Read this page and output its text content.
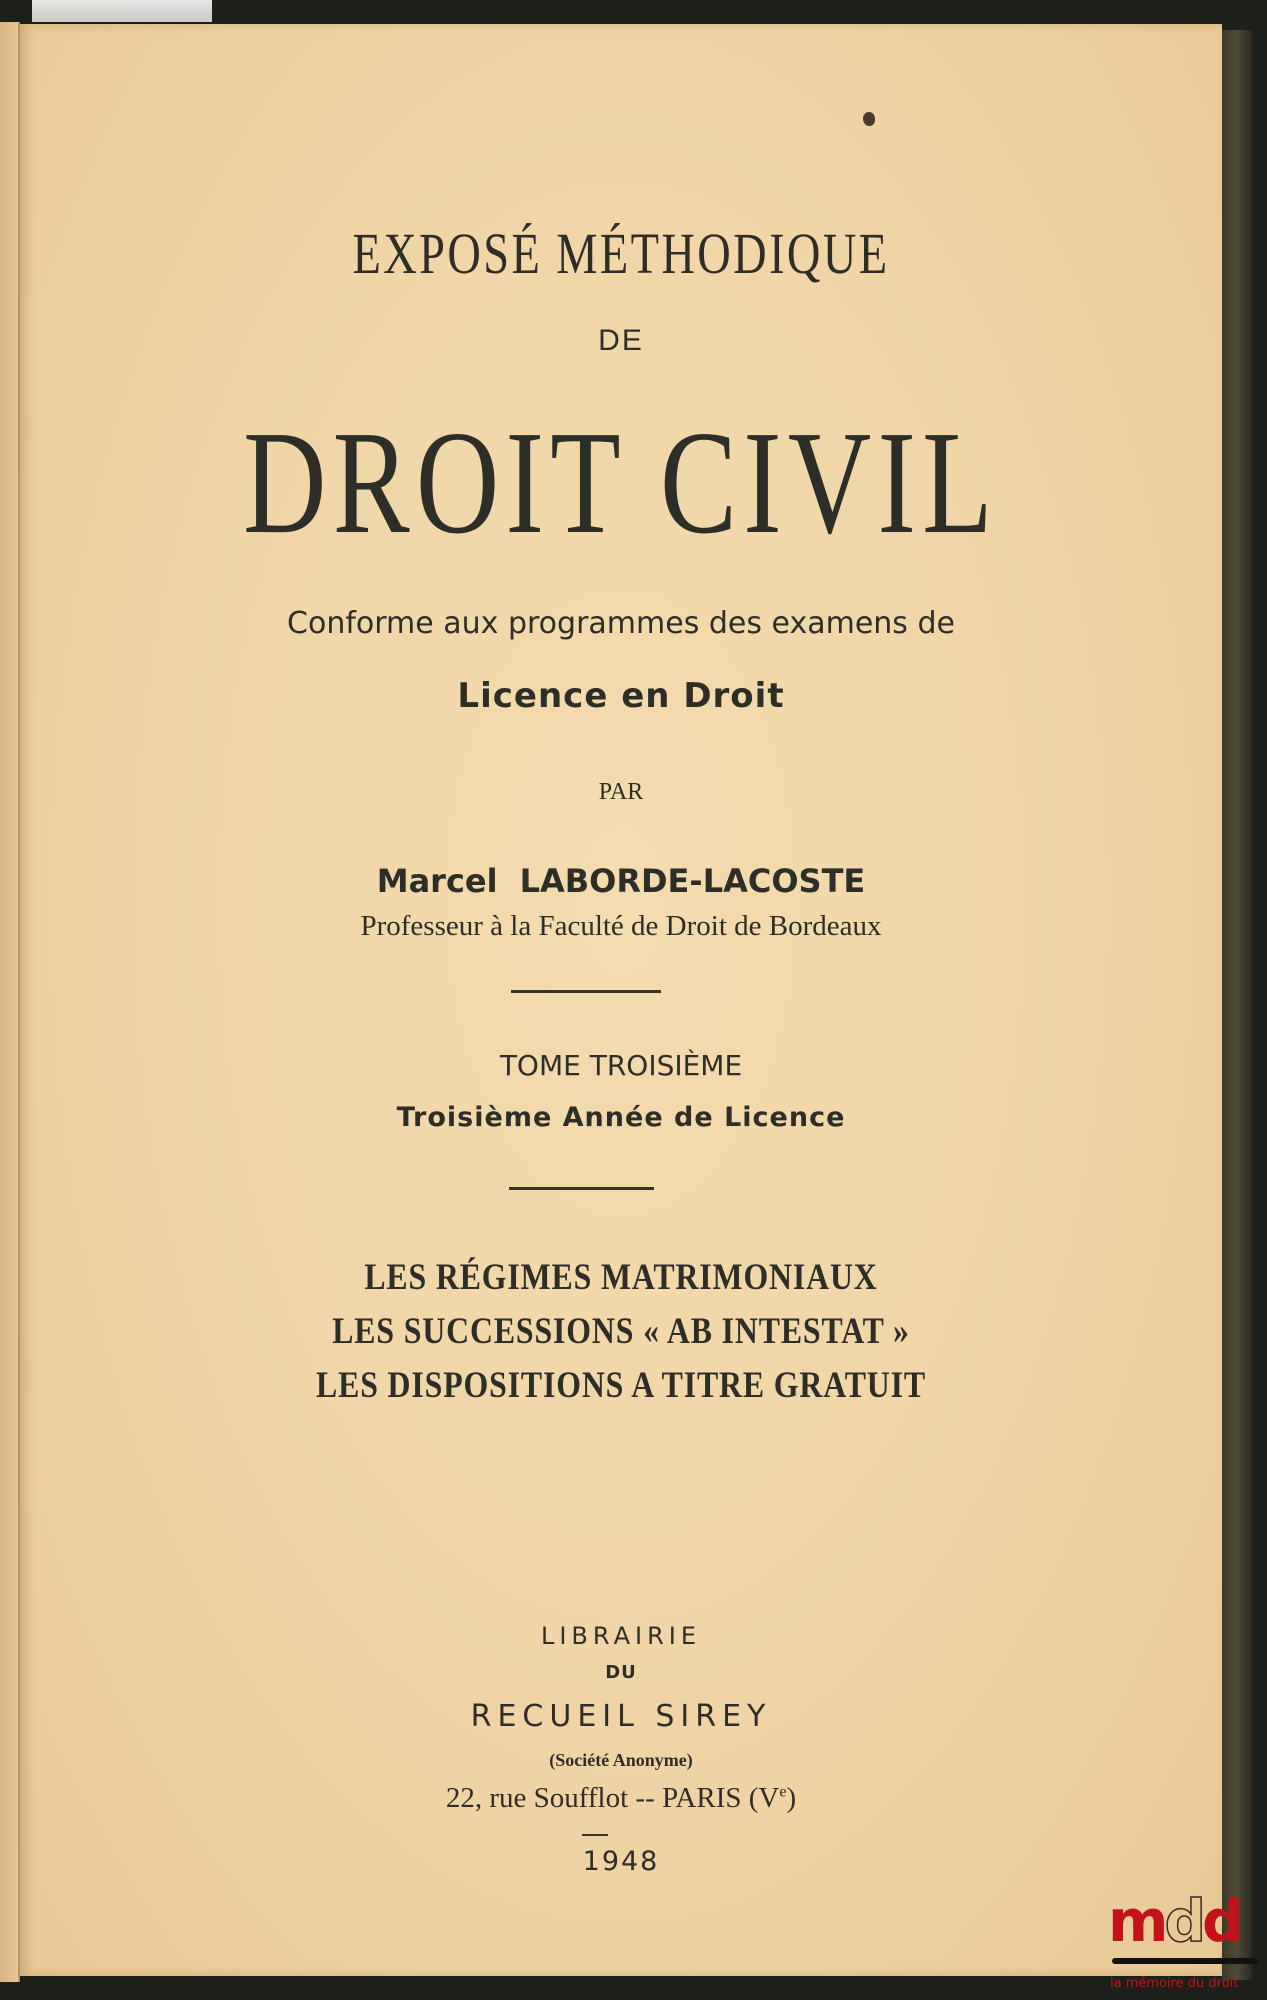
EXPOSÉ MÉTHODIQUE
DE
DROIT CIVIL
Conforme aux programmes des examens de
Licence en Droit
PAR
Marcel LABORDE-LACOSTE
Professeur à la Faculté de Droit de Bordeaux
TOME TROISIÈME
Troisième Année de Licence
LES RÉGIMES MATRIMONIAUX
LES SUCCESSIONS « AB INTESTAT »
LES DISPOSITIONS A TITRE GRATUIT
LIBRAIRIE
DU
RECUEIL SIREY
(Société Anonyme)
22, rue Soufflot -- PARIS (Ve)
1948
mdd
la mémoire du droit
